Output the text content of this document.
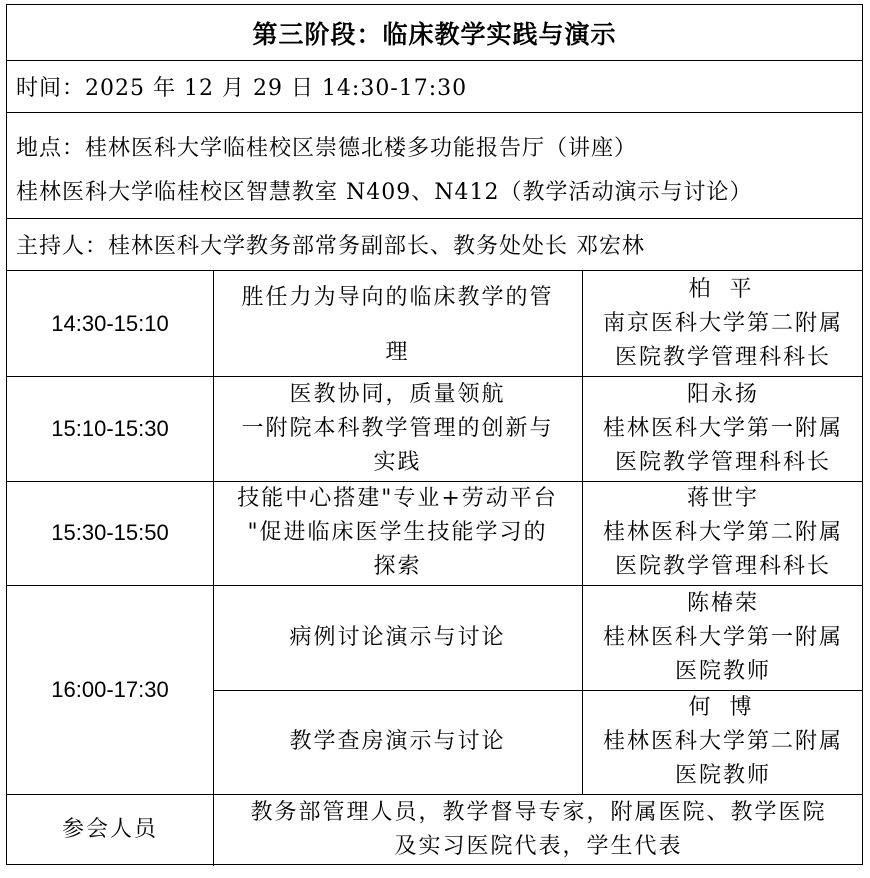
第三阶段：临床教学实践与演示
时间：2025 年 12 月 29 日 14:30-17:30
地点：桂林医科大学临桂校区崇德北楼多功能报告厅（讲座）
桂林医科大学临桂校区智慧教室 N409、N412（教学活动演示与讨论）
主持人：桂林医科大学教务部常务副部长、教务处处长 邓宏林
14:30-15:10
胜任力为导向的临床教学的管
理
柏 平
南京医科大学第二附属
医院教学管理科科长
15:10-15:30
医教协同，质量领航
一附院本科教学管理的创新与
实践
阳永扬
桂林医科大学第一附属
医院教学管理科科长
15:30-15:50
技能中心搭建"专业+劳动平台
"促进临床医学生技能学习的
探索
蒋世宇
桂林医科大学第二附属
医院教学管理科科长
16:00-17:30
病例讨论演示与讨论
陈椿荣
桂林医科大学第一附属
医院教师
教学查房演示与讨论
何 博
桂林医科大学第二附属
医院教师
参会人员
教务部管理人员，教学督导专家，附属医院、教学医院
及实习医院代表，学生代表
